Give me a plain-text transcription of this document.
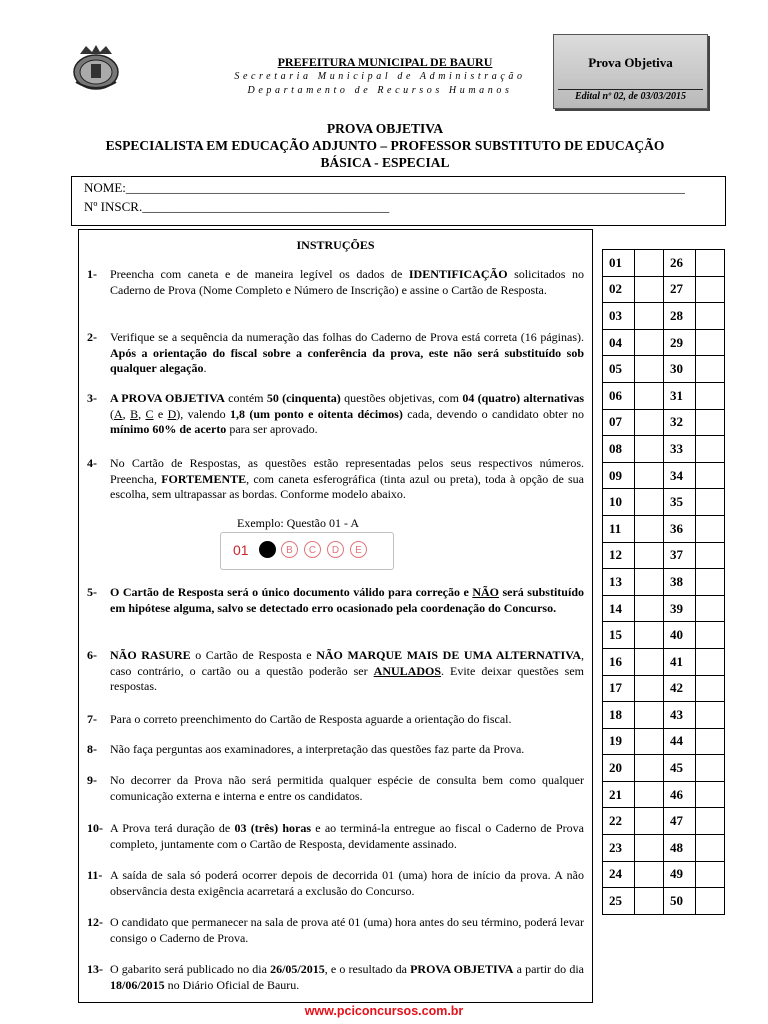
PREFEITURA MUNICIPAL DE BAURU
Secretaria Municipal de Administração
Departamento de Recursos Humanos
Prova Objetiva
Edital nº 02, de 03/03/2015
PROVA OBJETIVA
ESPECIALISTA EM EDUCAÇÃO ADJUNTO – PROFESSOR SUBSTITUTO DE EDUCAÇÃO
BÁSICA - ESPECIAL
NOME:______________________________________________________________________________________
Nº INSCR.______________________________________
INSTRUÇÕES
1-	Preencha com caneta e de maneira legível os dados de IDENTIFICAÇÃO solicitados no Caderno de Prova (Nome Completo e Número de Inscrição) e assine o Cartão de Resposta.
2-	Verifique se a sequência da numeração das folhas do Caderno de Prova está correta (16 páginas). Após a orientação do fiscal sobre a conferência da prova, este não será substituído sob qualquer alegação.
3-	A PROVA OBJETIVA contém 50 (cinquenta) questões objetivas, com 04 (quatro) alternativas (A, B, C e D), valendo 1,8 (um ponto e oitenta décimos) cada, devendo o candidato obter no mínimo 60% de acerto para ser aprovado.
4-	No Cartão de Respostas, as questões estão representadas pelos seus respectivos números. Preencha, FORTEMENTE, com caneta esferográfica (tinta azul ou preta), toda à opção de sua escolha, sem ultrapassar as bordas. Conforme modelo abaixo.
Exemplo: Questão 01 - A
01	B	C	D	E
5-	O Cartão de Resposta será o único documento válido para correção e NÃO será substituído em hipótese alguma, salvo se detectado erro ocasionado pela coordenação do Concurso.
6-	NÃO RASURE o Cartão de Resposta e NÃO MARQUE MAIS DE UMA ALTERNATIVA, caso contrário, o cartão ou a questão poderão ser ANULADOS. Evite deixar questões sem respostas.
7-	Para o correto preenchimento do Cartão de Resposta aguarde a orientação do fiscal.
8-	Não faça perguntas aos examinadores, a interpretação das questões faz parte da Prova.
9-	No decorrer da Prova não será permitida qualquer espécie de consulta bem como qualquer comunicação externa e interna e entre os candidatos.
10- A Prova terá duração de 03 (três) horas e ao terminá-la entregue ao fiscal o Caderno de Prova completo, juntamente com o Cartão de Resposta, devidamente assinado.
11- A saída de sala só poderá ocorrer depois de decorrida 01 (uma) hora de início da prova. A não observância desta exigência acarretará a exclusão do Concurso.
12- O candidato que permanecer na sala de prova até 01 (uma) hora antes do seu término, poderá levar consigo o Caderno de Prova.
13- O gabarito será publicado no dia 26/05/2015, e o resultado da PROVA OBJETIVA a partir do dia 18/06/2015 no Diário Oficial de Bauru.
01		26	
02		27	
03		28	
04		29	
05		30	
06		31	
07		32	
08		33	
09		34	
10		35	
11		36	
12		37	
13		38	
14		39	
15		40	
16		41	
17		42	
18		43	
19		44	
20		45	
21		46	
22		47	
23		48	
24		49	
25		50	
www.pciconcursos.com.br
